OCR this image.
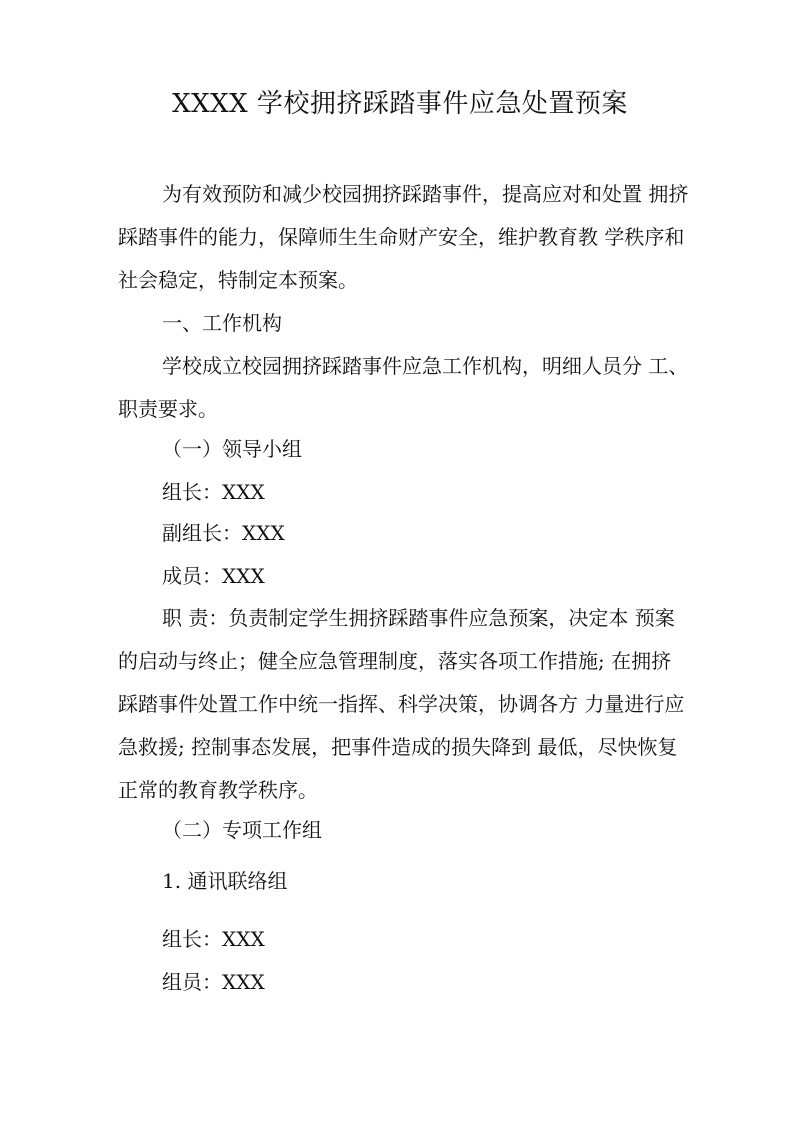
XXXX 学校拥挤踩踏事件应急处置预案
为有效预防和减少校园拥挤踩踏事件，提高应对和处置 拥挤
踩踏事件的能力，保障师生生命财产安全，维护教育教 学秩序和
社会稳定，特制定本预案。
一、工作机构
学校成立校园拥挤踩踏事件应急工作机构，明细人员分 工、
职责要求。
（一）领导小组
组长：XXX
副组长：XXX
成员：XXX
职 责：负责制定学生拥挤踩踏事件应急预案，决定本 预案
的启动与终止；健全应急管理制度，落实各项工作措施; 在拥挤
踩踏事件处置工作中统一指挥、科学决策，协调各方 力量进行应
急救援; 控制事态发展，把事件造成的损失降到 最低，尽快恢复
正常的教育教学秩序。
（二）专项工作组
1. 通讯联络组
组长：XXX
组员：XXX
